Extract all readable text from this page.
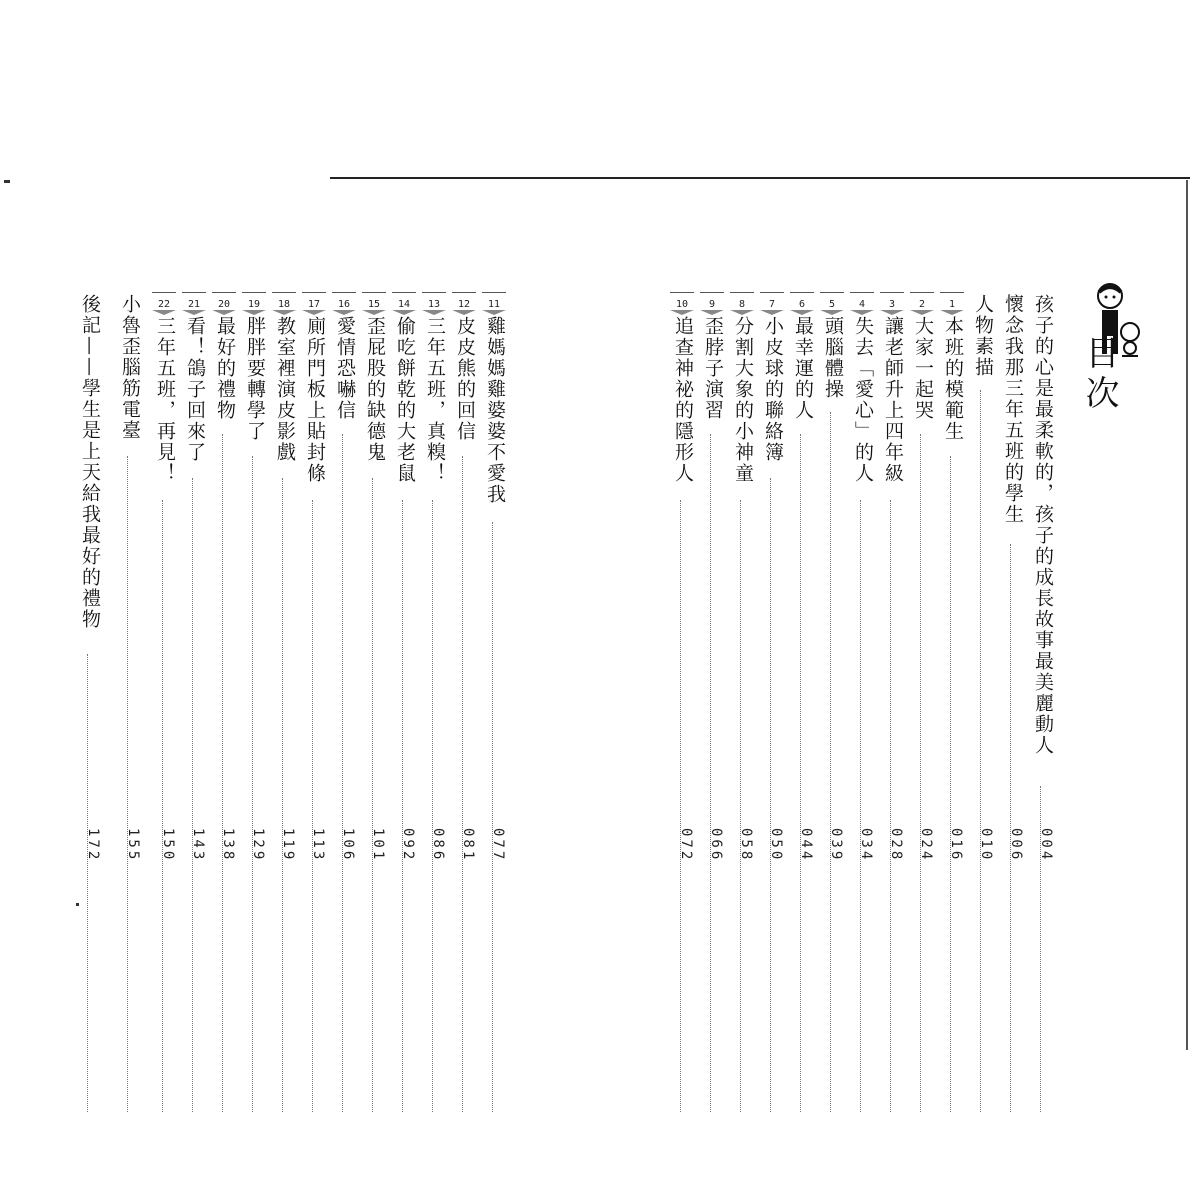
目次
孩子的心是最柔軟的，孩子的成長故事最美麗動人
004
懷念我那三年五班的學生
006
人物素描
010
1
本班的模範生
016
2
大家一起哭
024
3
讓老師升上四年級
028
4
失去「愛心」的人
034
5
頭腦體操
039
6
最幸運的人
044
7
小皮球的聯絡簿
050
8
分割大象的小神童
058
9
歪脖子演習
066
10
追查神祕的隱形人
072
11
雞媽媽雞婆婆不愛我
077
12
皮皮熊的回信
081
13
三年五班，真糗！
086
14
偷吃餅乾的大老鼠
092
15
歪屁股的缺德鬼
101
16
愛情恐嚇信
106
17
廁所門板上貼封條
113
18
教室裡演皮影戲
119
19
胖胖要轉學了
129
20
最好的禮物
138
21
看！鴿子回來了
143
22
三年五班，再見！
150
小魯歪腦筋電臺
155
後記——學生是上天給我最好的禮物
172
